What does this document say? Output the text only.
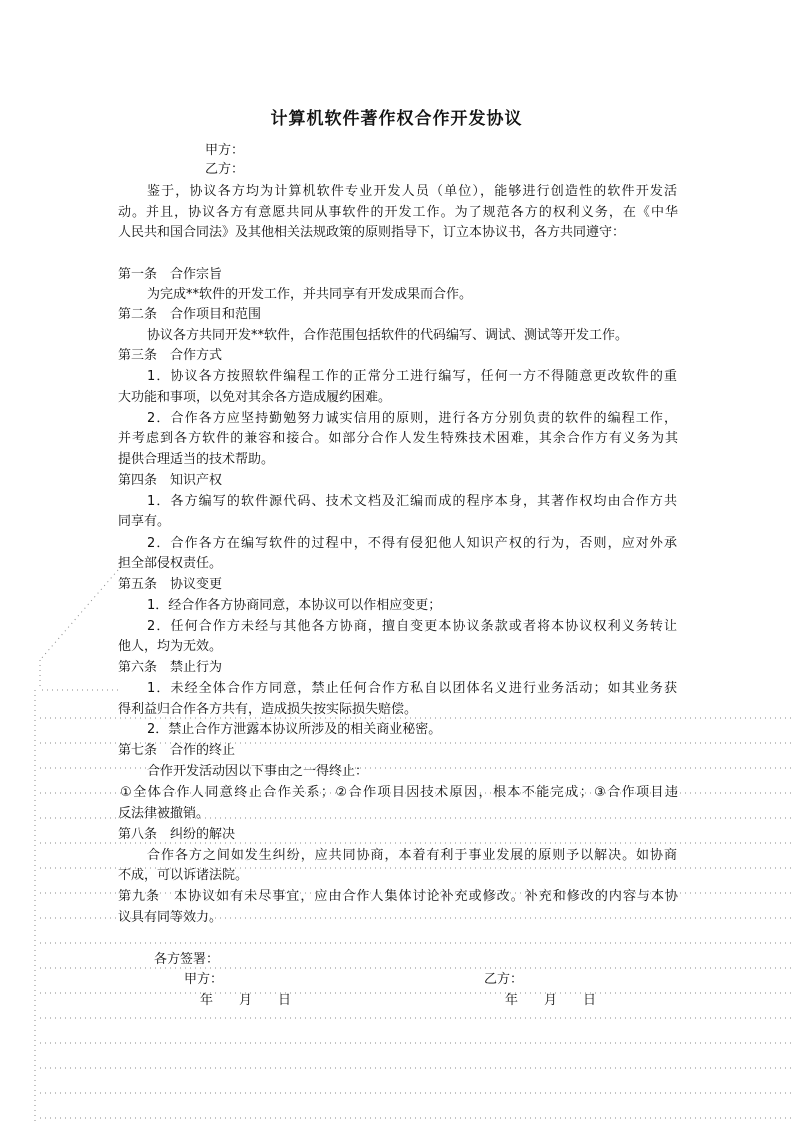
计算机软件著作权合作开发协议
甲方：
乙方：
鉴于，协议各方均为计算机软件专业开发人员（单位），能够进行创造性的软件开发活
动。并且，协议各方有意愿共同从事软件的开发工作。为了规范各方的权利义务，在《中华
人民共和国合同法》及其他相关法规政策的原则指导下，订立本协议书，各方共同遵守：
第一条　合作宗旨
为完成**软件的开发工作，并共同享有开发成果而合作。
第二条　合作项目和范围
协议各方共同开发**软件，合作范围包括软件的代码编写、调试、测试等开发工作。
第三条　合作方式
1．协议各方按照软件编程工作的正常分工进行编写，任何一方不得随意更改软件的重
大功能和事项，以免对其余各方造成履约困难。
2．合作各方应坚持勤勉努力诚实信用的原则，进行各方分别负责的软件的编程工作，
并考虑到各方软件的兼容和接合。如部分合作人发生特殊技术困难，其余合作方有义务为其
提供合理适当的技术帮助。
第四条　知识产权
1．各方编写的软件源代码、技术文档及汇编而成的程序本身，其著作权均由合作方共
同享有。
2．合作各方在编写软件的过程中，不得有侵犯他人知识产权的行为，否则，应对外承
担全部侵权责任。
第五条　协议变更
1．经合作各方协商同意，本协议可以作相应变更；
2．任何合作方未经与其他各方协商，擅自变更本协议条款或者将本协议权利义务转让
他人，均为无效。
第六条　禁止行为
1．未经全体合作方同意，禁止任何合作方私自以团体名义进行业务活动；如其业务获
得利益归合作各方共有，造成损失按实际损失赔偿。
2．禁止合作方泄露本协议所涉及的相关商业秘密。
第七条　合作的终止
合作开发活动因以下事由之一得终止：
①全体合作人同意终止合作关系；②合作项目因技术原因，根本不能完成；③合作项目违
反法律被撤销。
第八条　纠纷的解决
合作各方之间如发生纠纷，应共同协商，本着有利于事业发展的原则予以解决。如协商
不成，可以诉诸法院。
第九条　本协议如有未尽事宜，应由合作人集体讨论补充或修改。补充和修改的内容与本协
议具有同等效力。
各方签署：
甲方：	乙方：
年　　月　　日	年　　月　　日
